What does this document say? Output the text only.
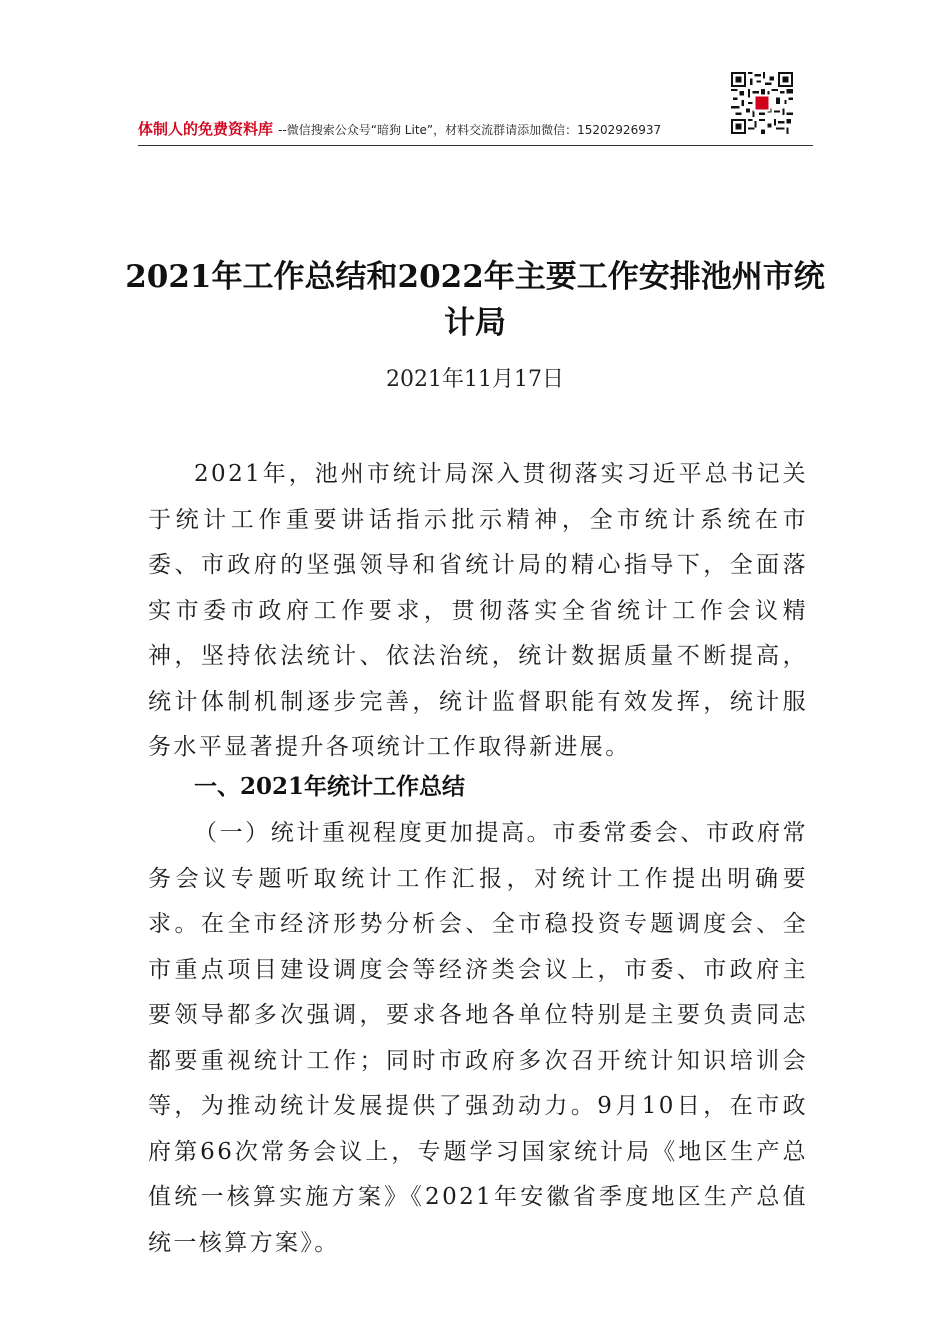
体制人的免费资料库 --微信搜索公众号“暗狗 Lite”，材料交流群请添加微信：15202926937
2021年工作总结和2022年主要工作安排池州市统计局
2021年11月17日
2021年，池州市统计局深入贯彻落实习近平总书记关于统计工作重要讲话指示批示精神，全市统计系统在市委、市政府的坚强领导和省统计局的精心指导下，全面落实市委市政府工作要求，贯彻落实全省统计工作会议精神，坚持依法统计、依法治统，统计数据质量不断提高，统计体制机制逐步完善，统计监督职能有效发挥，统计服务水平显著提升各项统计工作取得新进展。
一、2021年统计工作总结
（一）统计重视程度更加提高。市委常委会、市政府常务会议专题听取统计工作汇报，对统计工作提出明确要求。在全市经济形势分析会、全市稳投资专题调度会、全市重点项目建设调度会等经济类会议上，市委、市政府主要领导都多次强调，要求各地各单位特别是主要负责同志都要重视统计工作；同时市政府多次召开统计知识培训会等，为推动统计发展提供了强劲动力。9月10日，在市政府第66次常务会议上，专题学习国家统计局《地区生产总值统一核算实施方案》《2021年安徽省季度地区生产总值统一核算方案》。
